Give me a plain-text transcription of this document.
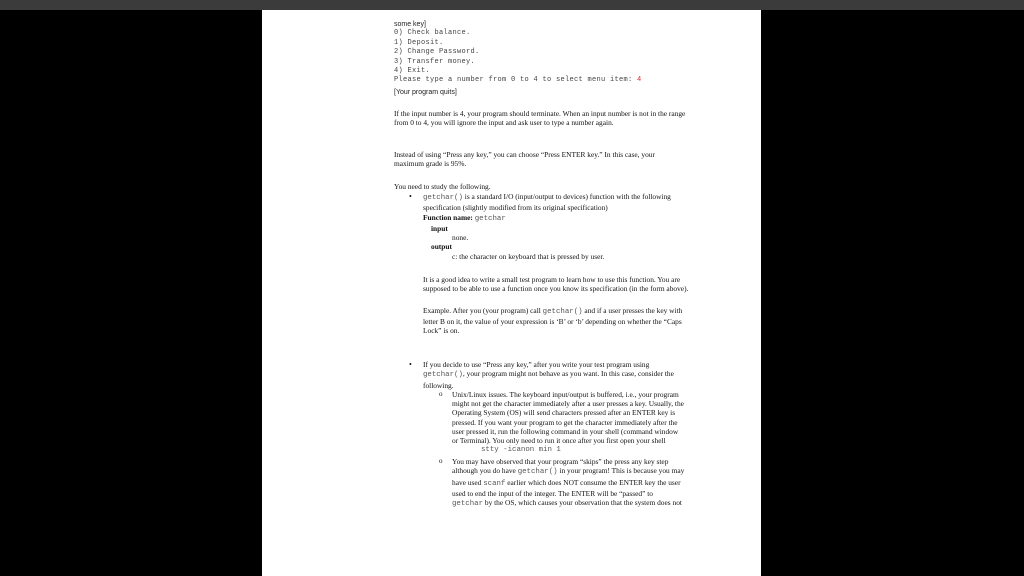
some key]
0) Check balance.
1) Deposit.
2) Change Password.
3) Transfer money.
4) Exit.
Please type a number from 0 to 4 to select menu item: 4
[Your program quits]

If the input number is 4, your program should terminate. When an input number is not in the range from 0 to 4, you will ignore the input and ask user to type a number again.

Instead of using “Press any key,” you can choose “Press ENTER key.” In this case, your maximum grade is 95%.

You need to study the following.

• getchar() is a standard I/O (input/output to devices) function with the following specification (slightly modified from its original specification)

Function name: getchar

input

none.

output

c: the character on keyboard that is pressed by user.

It is a good idea to write a small test program to learn how to use this function. You are supposed to be able to use a function once you know its specification (in the form above).

Example. After you (your program) call getchar() and if a user presses the key with letter B on it, the value of your expression is ‘B’ or ‘b’ depending on whether the “Caps Lock” is on.

• If you decide to use “Press any key,” after you write your test program using getchar(), your program might not behave as you want. In this case, consider the following.

o Unix/Linux issues. The keyboard input/output is buffered, i.e., your program might not get the character immediately after a user presses a key. Usually, the Operating System (OS) will send characters pressed after an ENTER key is pressed. If you want your program to get the character immediately after the user pressed it, run the following command in your shell (command window or Terminal). You only need to run it once after you first open your shell

stty -icanon min 1

o You may have observed that your program “skips” the press any key step although you do have getchar() in your program! This is because you may have used scanf earlier which does NOT consume the ENTER key the user used to end the input of the integer. The ENTER will be “passed” to getchar by the OS, which causes your observation that the system does not
